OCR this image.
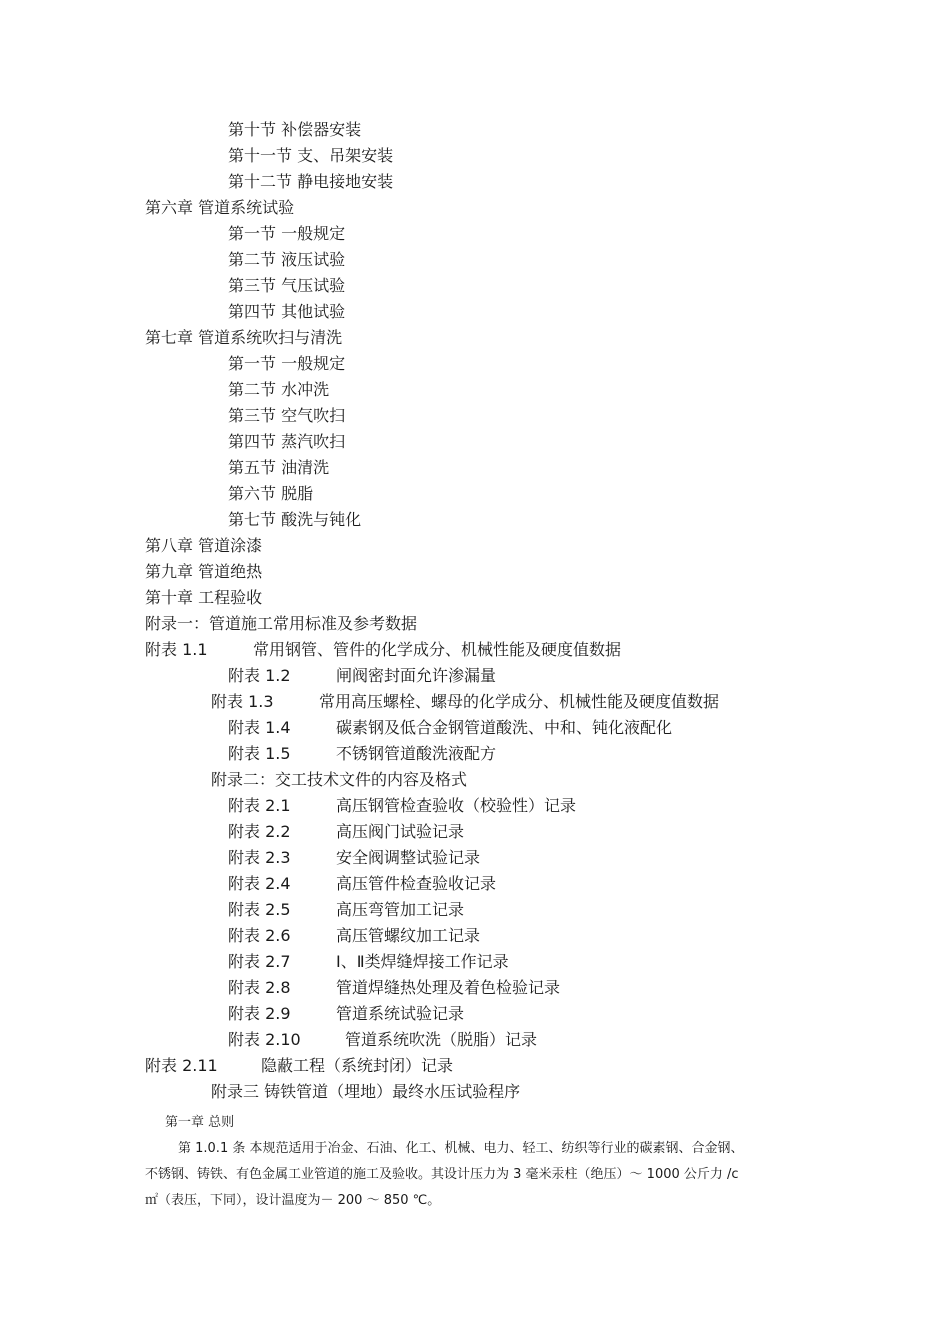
第十节 补偿器安装
第十一节 支、吊架安装
第十二节 静电接地安装
第六章 管道系统试验
第一节 一般规定
第二节 液压试验
第三节 气压试验
第四节 其他试验
第七章 管道系统吹扫与清洗
第一节 一般规定
第二节 水冲洗
第三节 空气吹扫
第四节 蒸汽吹扫
第五节 油清洗
第六节 脱脂
第七节 酸洗与钝化
第八章 管道涂漆
第九章 管道绝热
第十章 工程验收
附录一：管道施工常用标准及参考数据
附表 1.1	常用钢管、管件的化学成分、机械性能及硬度值数据
附表 1.2	闸阀密封面允许渗漏量
附表 1.3	常用高压螺栓、螺母的化学成分、机械性能及硬度值数据
附表 1.4	碳素钢及低合金钢管道酸洗、中和、钝化液配化
附表 1.5	不锈钢管道酸洗液配方
附录二：交工技术文件的内容及格式
附表 2.1	高压钢管检查验收（校验性）记录
附表 2.2	高压阀门试验记录
附表 2.3	安全阀调整试验记录
附表 2.4	高压管件检查验收记录
附表 2.5	高压弯管加工记录
附表 2.6	高压管螺纹加工记录
附表 2.7	Ⅰ、Ⅱ类焊缝焊接工作记录
附表 2.8	管道焊缝热处理及着色检验记录
附表 2.9	管道系统试验记录
附表 2.10	管道系统吹洗（脱脂）记录
附表 2.11	隐蔽工程（系统封闭）记录
附录三 铸铁管道（埋地）最终水压试验程序
第一章 总则
第 1.0.1 条 本规范适用于冶金、石油、化工、机械、电力、轻工、纺织等行业的碳素钢、合金钢、
不锈钢、铸铁、有色金属工业管道的施工及验收。其设计压力为 3 毫米汞柱（绝压）～ 1000 公斤力 /c
㎡（表压，下同），设计温度为－ 200 ～ 850 ℃。
